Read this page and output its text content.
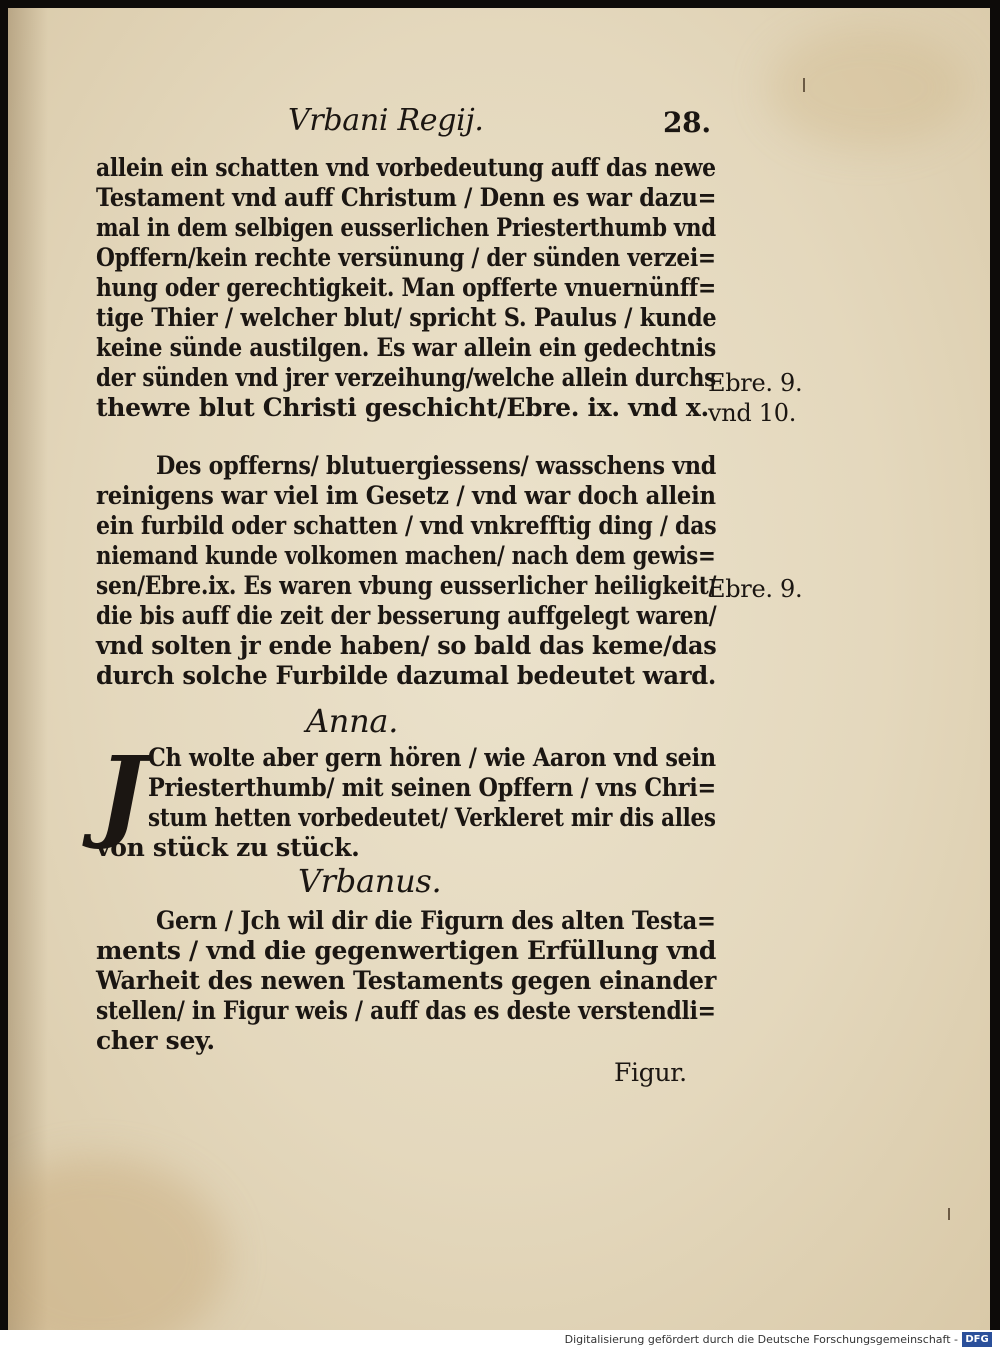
Vrbani Regij.	28.
allein ein schatten vnd vorbedeutung auff das newe
Testament vnd auff Christum / Denn es war dazu=
mal in dem selbigen eusserlichen Priesterthumb vnd
Opffern/kein rechte versünung / der sünden verzei=
hung oder gerechtigkeit. Man opfferte vnuernünff=
tige Thier / welcher blut/ spricht S. Paulus / kunde
keine sünde austilgen. Es war allein ein gedechtnis
der sünden vnd jrer verzeihung/welche allein durchs
thewre blut Christi geschicht/Ebre. ix. vnd x.
Ebre. 9.
vnd 10.
Des opfferns/ blutuergiessens/ wasschens vnd
reinigens war viel im Gesetz / vnd war doch allein
ein furbild oder schatten / vnd vnkrefftig ding / das
niemand kunde volkomen machen/ nach dem gewis=
sen/Ebre.ix. Es waren vbung eusserlicher heiligkeit/
die bis auff die zeit der besserung auffgelegt waren/
vnd solten jr ende haben/ so bald das keme/das
durch solche Furbilde dazumal bedeutet ward.
Ebre. 9.
Anna.
J Ch wolte aber gern hören / wie Aaron vnd sein
Priesterthumb/ mit seinen Opffern / vns Chri=
stum hetten vorbedeutet/ Verkleret mir dis alles
von stück zu stück.
Vrbanus.
Gern / Jch wil dir die Figurn des alten Testa=
ments / vnd die gegenwertigen Erfüllung vnd
Warheit des newen Testaments gegen einander
stellen/ in Figur weis / auff das es deste verstendli=
cher sey.
Figur.
Digitalisierung gefördert durch die Deutsche Forschungsgemeinschaft - DFG
